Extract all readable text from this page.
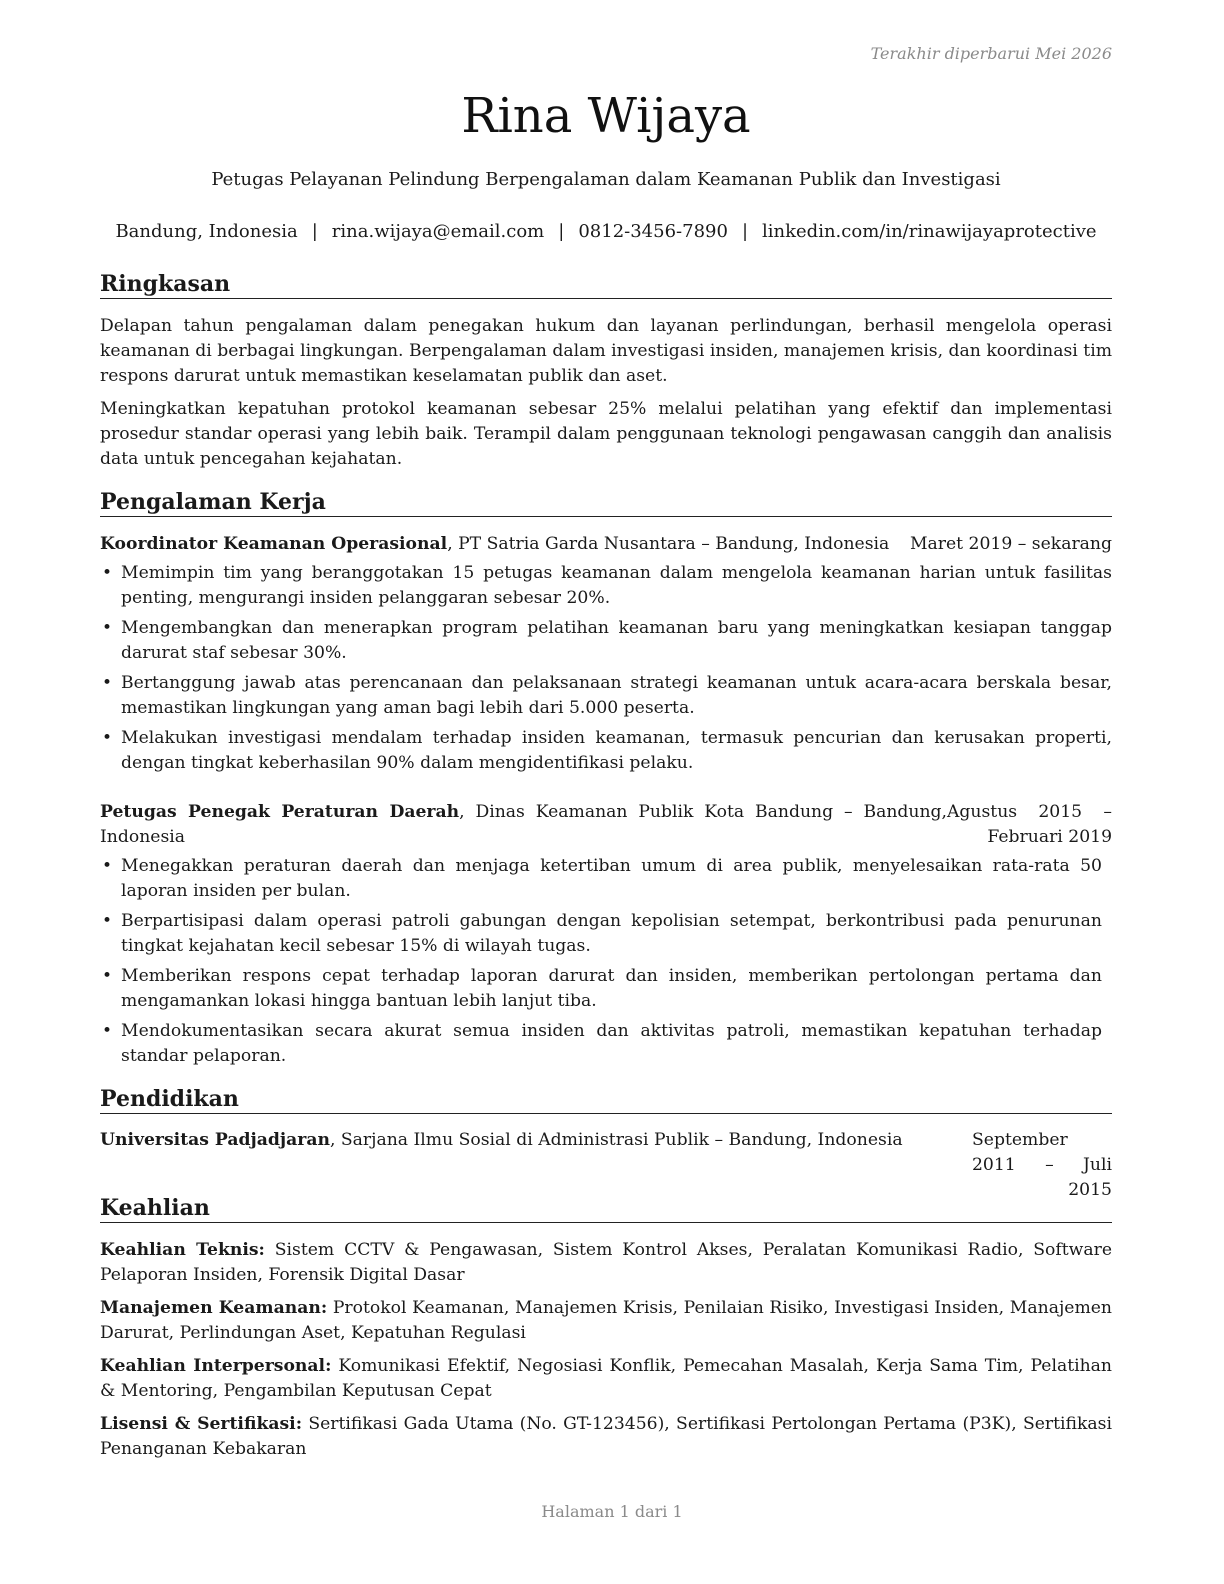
Terakhir diperbarui Mei 2026
Rina Wijaya
Petugas Pelayanan Pelindung Berpengalaman dalam Keamanan Publik dan Investigasi
Bandung, Indonesia | rina.wijaya@email.com | 0812-3456-7890 | linkedin.com/in/rinawijayaprotective
Ringkasan

Delapan tahun pengalaman dalam penegakan hukum dan layanan perlindungan, berhasil mengelola operasi keamanan di berbagai lingkungan. Berpengalaman dalam investigasi insiden, manajemen krisis, dan koordinasi tim respons darurat untuk memastikan keselamatan publik dan aset.

Meningkatkan kepatuhan protokol keamanan sebesar 25% melalui pelatihan yang efektif dan implementasi prosedur standar operasi yang lebih baik. Terampil dalam penggunaan teknologi pengawasan canggih dan analisis data untuk pencegahan kejahatan.

Pengalaman Kerja
Koordinator Keamanan Operasional, PT Satria Garda Nusantara – Bandung, Indonesia	Maret 2019 – sekarang
• Memimpin tim yang beranggotakan 15 petugas keamanan dalam mengelola keamanan harian untuk fasilitas penting, mengurangi insiden pelanggaran sebesar 20%.
• Mengembangkan dan menerapkan program pelatihan keamanan baru yang meningkatkan kesiapan tanggap darurat staf sebesar 30%.
• Bertanggung jawab atas perencanaan dan pelaksanaan strategi keamanan untuk acara-acara berskala besar, memastikan lingkungan yang aman bagi lebih dari 5.000 peserta.
• Melakukan investigasi mendalam terhadap insiden keamanan, termasuk pencurian dan kerusakan properti, dengan tingkat keberhasilan 90% dalam mengidentifikasi pelaku.
Petugas Penegak Peraturan Daerah, Dinas Keamanan Publik Kota Bandung – Bandung, Indonesia
Agustus 2015 – Februari 2019
• Menegakkan peraturan daerah dan menjaga ketertiban umum di area publik, menyelesaikan rata-rata 50 laporan insiden per bulan.
• Berpartisipasi dalam operasi patroli gabungan dengan kepolisian setempat, berkontribusi pada penurunan tingkat kejahatan kecil sebesar 15% di wilayah tugas.
• Memberikan respons cepat terhadap laporan darurat dan insiden, memberikan pertolongan pertama dan mengamankan lokasi hingga bantuan lebih lanjut tiba.
• Mendokumentasikan secara akurat semua insiden dan aktivitas patroli, memastikan kepatuhan terhadap standar pelaporan.
Pendidikan
Universitas Padjadjaran, Sarjana Ilmu Sosial di Administrasi Publik – Bandung, Indonesia	September 2011 – Juli 2015
Keahlian

Keahlian Teknis: Sistem CCTV & Pengawasan, Sistem Kontrol Akses, Peralatan Komunikasi Radio, Software Pelaporan Insiden, Forensik Digital Dasar

Manajemen Keamanan: Protokol Keamanan, Manajemen Krisis, Penilaian Risiko, Investigasi Insiden, Manajemen Darurat, Perlindungan Aset, Kepatuhan Regulasi

Keahlian Interpersonal: Komunikasi Efektif, Negosiasi Konflik, Pemecahan Masalah, Kerja Sama Tim, Pelatihan & Mentoring, Pengambilan Keputusan Cepat

Lisensi & Sertifikasi: Sertifikasi Gada Utama (No. GT-123456), Sertifikasi Pertolongan Pertama (P3K), Sertifikasi Penanganan Kebakaran

Halaman 1 dari 1
